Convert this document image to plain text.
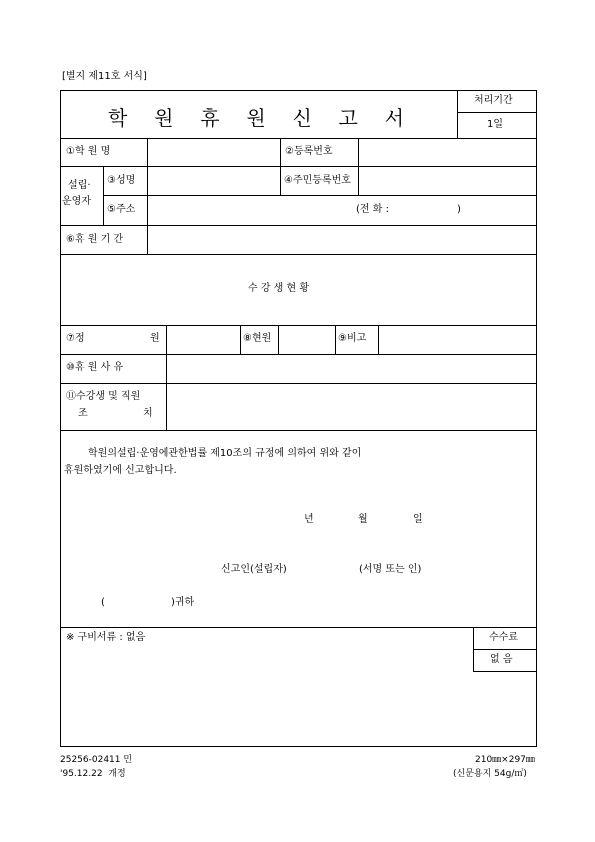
[별지 제11호 서식]
학 원 휴 원 신 고 서
처리기간
1일
①학 원 명	②등록번호
설립·
운영자
③성명	④주민등록번호
⑤주소	(전 화 :	)
⑥휴 원 기 간
수 강 생 현 황
⑦정	원	⑧현원	⑨비고
⑩휴 원 사 유
⑪수강생 및 직원
조	치
학원의설립·운영에관한법률 제10조의 규정에 의하여 위와 같이
휴원하였기에 신고합니다.
년	월	일
신고인(설립자)	(서명 또는 인)
(	)귀하
※ 구비서류 : 없음	수수료
없 음
25256-02411 민
'95.12.22  개정
210㎜×297㎜
(신문용지 54g/㎡)
